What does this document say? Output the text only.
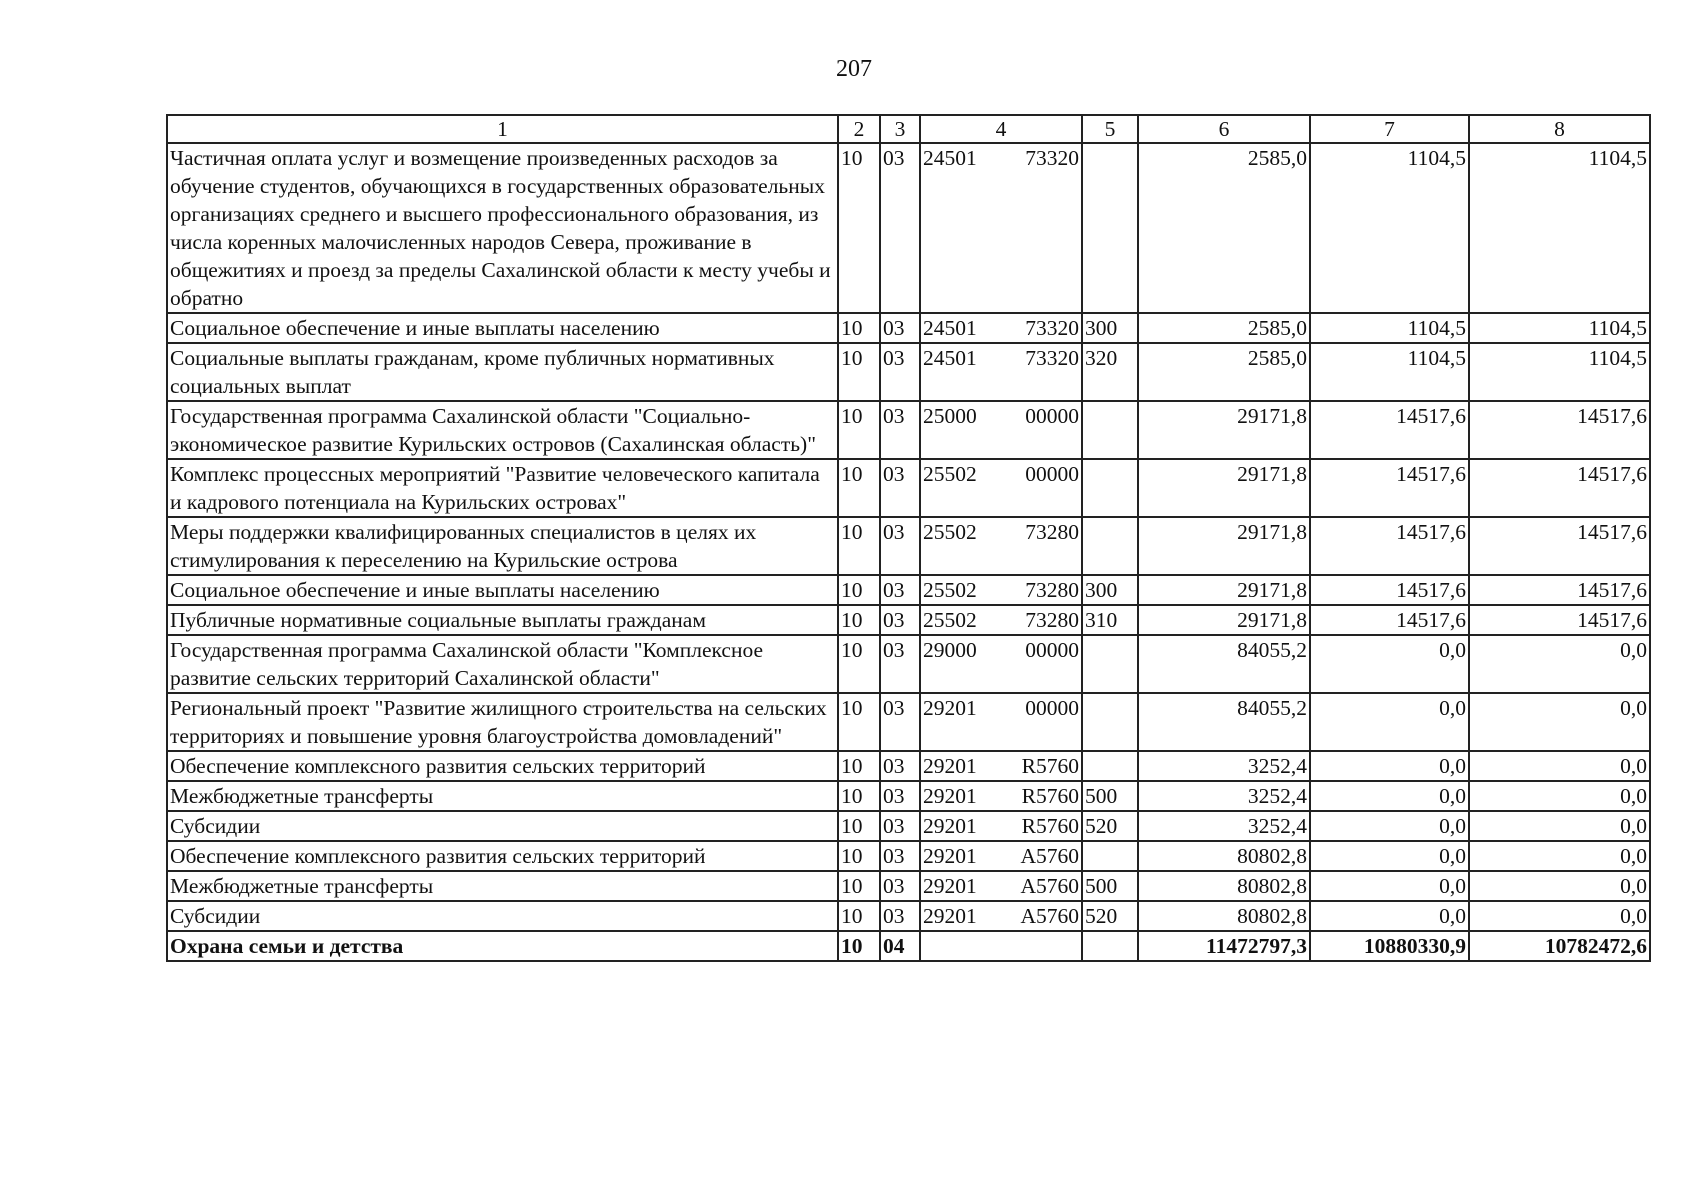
207
1	2	3	4	5	6	7	8
Частичная оплата услуг и возмещение произведенных расходов за обучение студентов, обучающихся в государственных образовательных организациях среднего и высшего профессионального образования, из числа коренных малочисленных народов Севера, проживание в общежитиях и проезд за пределы Сахалинской области к месту учебы и обратно	10	03	24501 73320		2585,0	1104,5	1104,5
Социальное обеспечение и иные выплаты населению	10	03	24501 73320	300	2585,0	1104,5	1104,5
Социальные выплаты гражданам, кроме публичных нормативных социальных выплат	10	03	24501 73320	320	2585,0	1104,5	1104,5
Государственная программа Сахалинской области "Социально-экономическое развитие Курильских островов (Сахалинская область)"	10	03	25000 00000		29171,8	14517,6	14517,6
Комплекс процессных мероприятий "Развитие человеческого капитала и кадрового потенциала на Курильских островах"	10	03	25502 00000		29171,8	14517,6	14517,6
Меры поддержки квалифицированных специалистов в целях их стимулирования к переселению на Курильские острова	10	03	25502 73280		29171,8	14517,6	14517,6
Социальное обеспечение и иные выплаты населению	10	03	25502 73280	300	29171,8	14517,6	14517,6
Публичные нормативные социальные выплаты гражданам	10	03	25502 73280	310	29171,8	14517,6	14517,6
Государственная программа Сахалинской области "Комплексное развитие сельских территорий Сахалинской области"	10	03	29000 00000		84055,2	0,0	0,0
Региональный проект "Развитие жилищного строительства на сельских территориях и повышение уровня благоустройства домовладений"	10	03	29201 00000		84055,2	0,0	0,0
Обеспечение комплексного развития сельских территорий	10	03	29201 R5760		3252,4	0,0	0,0
Межбюджетные трансферты	10	03	29201 R5760	500	3252,4	0,0	0,0
Субсидии	10	03	29201 R5760	520	3252,4	0,0	0,0
Обеспечение комплексного развития сельских территорий	10	03	29201 A5760		80802,8	0,0	0,0
Межбюджетные трансферты	10	03	29201 A5760	500	80802,8	0,0	0,0
Субсидии	10	03	29201 A5760	520	80802,8	0,0	0,0
Охрана семьи и детства	10	04			11472797,3	10880330,9	10782472,6
